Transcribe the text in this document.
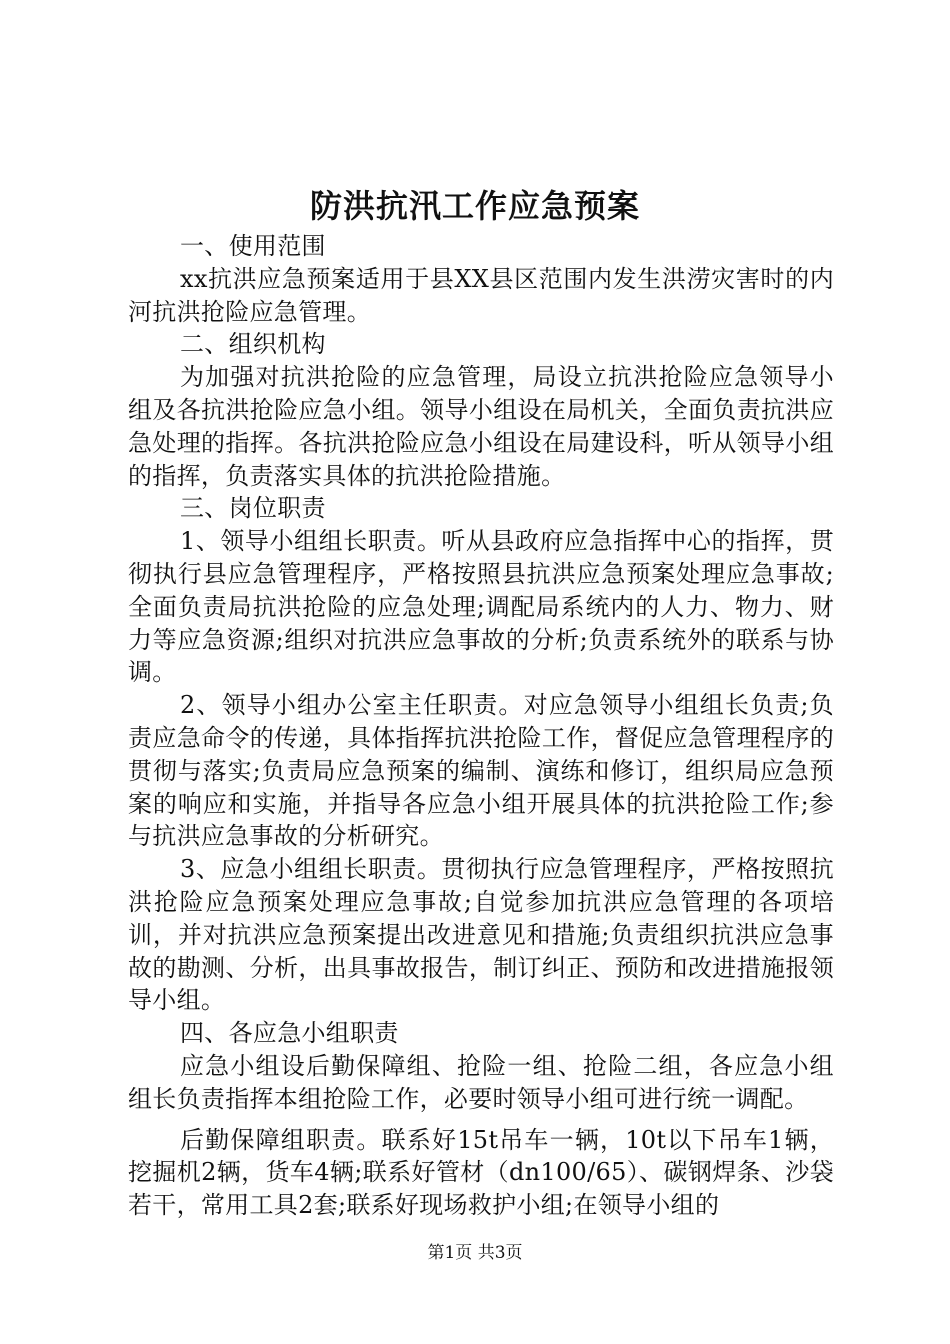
防洪抗汛工作应急预案

一、使用范围

xx抗洪应急预案适用于县XX县区范围内发生洪涝灾害时的内河抗洪抢险应急管理。

二、组织机构

为加强对抗洪抢险的应急管理，局设立抗洪抢险应急领导小组及各抗洪抢险应急小组。领导小组设在局机关，全面负责抗洪应急处理的指挥。各抗洪抢险应急小组设在局建设科，听从领导小组的指挥，负责落实具体的抗洪抢险措施。

三、岗位职责

1、领导小组组长职责。听从县政府应急指挥中心的指挥，贯彻执行县应急管理程序，严格按照县抗洪应急预案处理应急事故;全面负责局抗洪抢险的应急处理;调配局系统内的人力、物力、财力等应急资源;组织对抗洪应急事故的分析;负责系统外的联系与协调。

2、领导小组办公室主任职责。对应急领导小组组长负责;负责应急命令的传递，具体指挥抗洪抢险工作，督促应急管理程序的贯彻与落实;负责局应急预案的编制、演练和修订，组织局应急预案的响应和实施，并指导各应急小组开展具体的抗洪抢险工作;参与抗洪应急事故的分析研究。

3、应急小组组长职责。贯彻执行应急管理程序，严格按照抗洪抢险应急预案处理应急事故;自觉参加抗洪应急管理的各项培训，并对抗洪应急预案提出改进意见和措施;负责组织抗洪应急事故的勘测、分析，出具事故报告，制订纠正、预防和改进措施报领导小组。

四、各应急小组职责

应急小组设后勤保障组、抢险一组、抢险二组，各应急小组组长负责指挥本组抢险工作，必要时领导小组可进行统一调配。

后勤保障组职责。联系好15t吊车一辆，10t以下吊车1辆，挖掘机2辆，货车4辆;联系好管材（dn100/65）、碳钢焊条、沙袋若干，常用工具2套;联系好现场救护小组;在领导小组的

第1页 共3页
